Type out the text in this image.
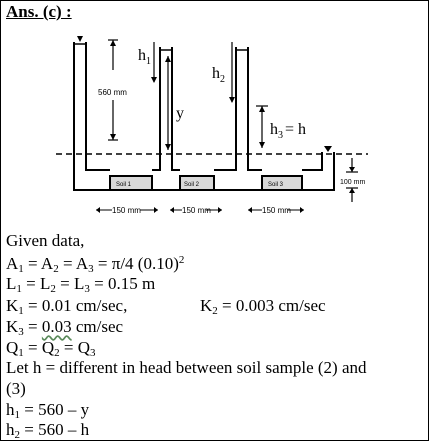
Ans. (c) :
560 mm
$h_1$
y
$h_2$
$h_3 = h$
Soil 1	Soil 2	Soil 3	100 mm
150 mm	150 mm	150 mm
Given data,
$A_1 = A_2 = A_3 = \pi/4$ $(0.10)^2$
$L_1 = L_2 = L_3 = 0.15$ m
$K_1 = 0.01$ cm/sec,	$K_2 = 0.003$ cm/sec
$K_3 = 0.03$ cm/sec
$Q_1 = Q_2 = Q_3$
Let h = different in head between soil sample (2) and
(3)
$h_1 = 560 - y$
$h_2 = 560 - h$
